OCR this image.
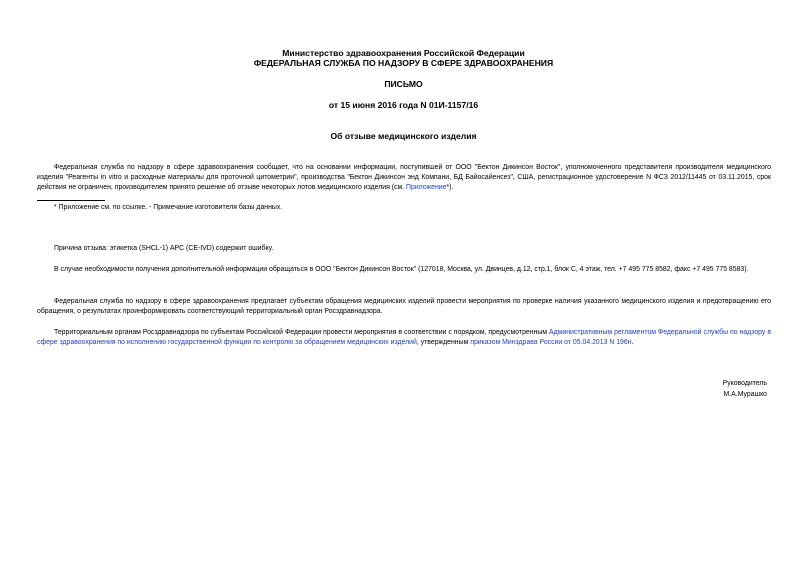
Министерство здравоохранения Российской Федерации
ФЕДЕРАЛЬНАЯ СЛУЖБА ПО НАДЗОРУ В СФЕРЕ ЗДРАВООХРАНЕНИЯ
ПИСЬМО
от 15 июня 2016 года N 01И-1157/16
Об отзыве медицинского изделия
Федеральная служба по надзору в сфере здравоохранения сообщает, что на основании информации, поступившей от ООО "Бектон Дикинсон Восток", уполномоченного представителя производителя медицинского изделия "Реагенты in vitro и расходные материалы для проточной цитометрии", производства "Бектон Дикинсон энд Компани, БД Байосайенсез", США, регистрационное удостоверение N ФСЗ 2012/11445 от 03.11.2015, срок действия не ограничен, производителем принято решение об отзыве некоторых лотов медицинского изделия (см. Приложение*).
* Приложение см. по ссылке. - Примечание изготовителя базы данных.
Причина отзыва: этикетка (SHCL-1) APC (CE-IVD) содержит ошибку.
В случае необходимости получения дополнительной информации обращаться в ООО "Бектон Дикинсон Восток" (127018, Москва, ул. Двинцев, д.12, стр.1, блок С, 4 этаж, тел. +7 495 775 8582, факс +7 495 775 8583).
Федеральная служба по надзору в сфере здравоохранения предлагает субъектам обращения медицинских изделий провести мероприятия по проверке наличия указанного медицинского изделия и предотвращению его обращения, о результатах проинформировать соответствующий территориальный орган Росздравнадзора.
Территориальным органам Росздравнадзора по субъектам Российской Федерации провести мероприятия в соответствии с порядком, предусмотренным Административным регламентом Федеральной службы по надзору в сфере здравоохранения по исполнению государственной функции по контролю за обращением медицинских изделий, утвержденным приказом Минздрава России от 05.04.2013 N 196н.
Руководитель
М.А.Мурашко
